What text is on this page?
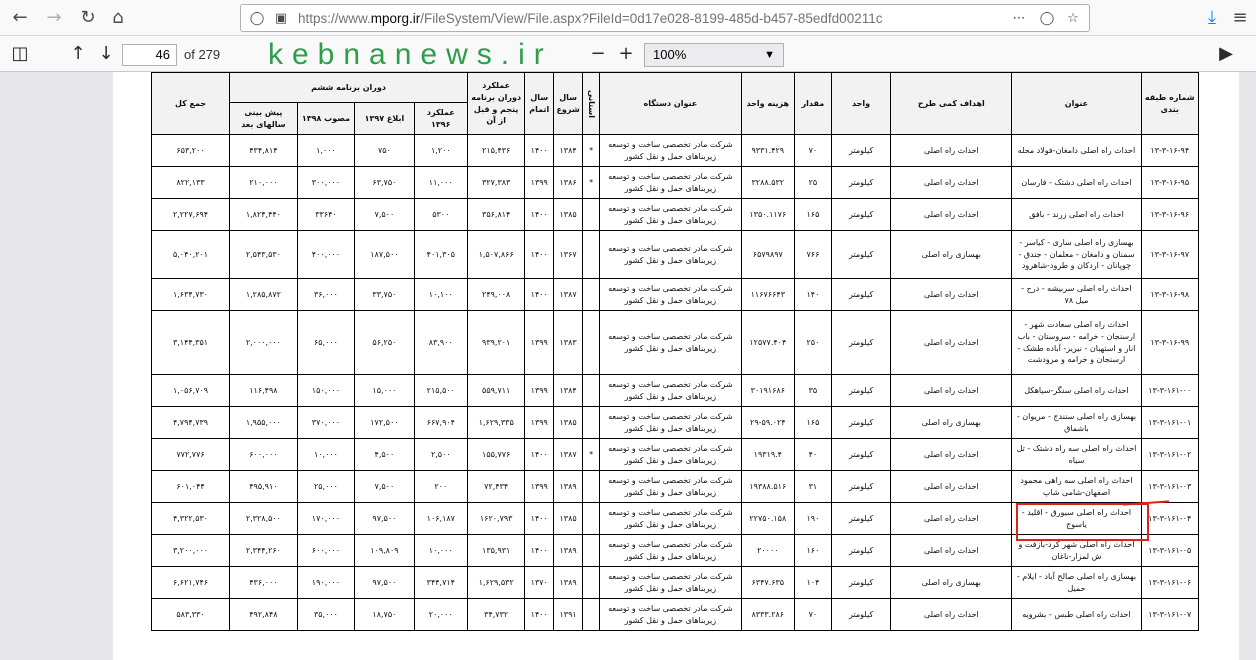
← → ↻ ⌂	◯ ▣ https://www.mporg.ir/FileSystem/View/File.aspx?FileId=0d17e028-8199-485d-b457-85edfd00211c	⋯ ◯ ☆	⤓ ≡
◫ ↑ ↓	46	of 279 kebnanews.ir − +	100%	▼	▶
شماره طبقه بندی	عنوان	اهداف کمی طرح	واحد	مقدار	هزینه واحد	عنوان دستگاه	استانی	سال شروع	سال اتمام	عملکرد دوران برنامه پنجم و قبل از آن	دوران برنامه ششم				جمع کل
											عملکرد ۱۳۹۶	ابلاغ ۱۳۹۷	مصوب ۱۳۹۸	پیش بینی سالهای بعد	
۱۳-۳-۱۶-۹۴	احداث راه اصلی دامغان-فولاد محله	احداث راه اصلی	کیلومتر	۷۰	۹۳۳۱.۴۲۹	شرکت مادر تخصصی ساخت و توسعه زیربناهای حمل و نقل کشور	*	۱۳۸۴	۱۴۰۰	۲۱۵,۴۳۶	۱,۲۰۰	۷۵۰	۱,۰۰۰	۴۳۴,۸۱۴	۶۵۳,۲۰۰
۱۳-۳-۱۶-۹۵	احداث راه اصلی دشتک - فارسان	احداث راه اصلی	کیلومتر	۲۵	۳۲۸۸.۵۳۲	شرکت مادر تخصصی ساخت و توسعه زیربناهای حمل و نقل کشور	*	۱۳۸۶	۱۳۹۹	۳۲۷,۳۸۳	۱۱,۰۰۰	۶۳,۷۵۰	۳۰۰,۰۰۰	۲۱۰,۰۰۰	۸۲۲,۱۳۳
۱۳-۳-۱۶-۹۶	احداث راه اصلی زرند - بافق	احداث راه اصلی	کیلومتر	۱۶۵	۱۳۵۰.۱۱۷۶	شرکت مادر تخصصی ساخت و توسعه زیربناهای حمل و نقل کشور		۱۳۸۵	۱۴۰۰	۳۵۶,۸۱۴	۵۳۰۰	۷,۵۰۰	۳۳۶۴۰	۱,۸۲۴,۴۴۰	۲,۲۲۷,۶۹۴
۱۳-۳-۱۶-۹۷	بهسازی راه اصلی ساری - کیاسر - سمنان و دامغان - معلمان - جندق - چوپانان - اردکان و طرود-شاهرود	بهسازی راه اصلی	کیلومتر	۷۶۶	۶۵۷۹۸۹۷	شرکت مادر تخصصی ساخت و توسعه زیربناهای حمل و نقل کشور		۱۳۶۷	۱۴۰۰	۱,۵۰۷,۸۶۶	۴۰۱,۳۰۵	۱۸۷,۵۰۰	۴۰۰,۰۰۰	۲,۵۴۳,۵۳۰	۵,۰۴۰,۲۰۱
۱۳-۳-۱۶-۹۸	احداث راه اصلی سربیشه - درح - میل ۷۸	احداث راه اصلی	کیلومتر	۱۴۰	۱۱۶۷۶۶۴۳	شرکت مادر تخصصی ساخت و توسعه زیربناهای حمل و نقل کشور		۱۳۸۷	۱۴۰۰	۲۴۹,۰۰۸	۱۰,۱۰۰	۳۳,۷۵۰	۳۶,۰۰۰	۱,۲۸۵,۸۷۲	۱,۶۳۴,۷۳۰
۱۳-۳-۱۶-۹۹	احداث راه اصلی سعادت شهر - ارسنجان - خرامه - سروستان - باب انار و استهبان - نیریز- آباده طشک - ارسنجان و خرامه و مرودشت	احداث راه اصلی	کیلومتر	۲۵۰	۱۲۵۷۷.۴۰۴	شرکت مادر تخصصی ساخت و توسعه زیربناهای حمل و نقل کشور		۱۳۸۳	۱۳۹۹	۹۳۹,۲۰۱	۸۳,۹۰۰	۵۶,۲۵۰	۶۵,۰۰۰	۲,۰۰۰,۰۰۰	۳,۱۴۴,۳۵۱
۱۳-۳-۱۶۱-۰۰	احداث راه اصلی سنگر-سیاهکل	احداث راه اصلی	کیلومتر	۳۵	۳۰۱۹۱۶۸۶	شرکت مادر تخصصی ساخت و توسعه زیربناهای حمل و نقل کشور		۱۳۸۴	۱۳۹۹	۵۵۹,۷۱۱	۲۱۵,۵۰۰	۱۵,۰۰۰	۱۵۰,۰۰۰	۱۱۶,۴۹۸	۱,۰۵۶,۷۰۹
۱۳-۳-۱۶۱-۰۱	بهسازی راه اصلی سنندج - مریوان - باشماق	بهسازی راه اصلی	کیلومتر	۱۶۵	۲۹-۵۹.۰۲۴	شرکت مادر تخصصی ساخت و توسعه زیربناهای حمل و نقل کشور		۱۳۸۵	۱۳۹۹	۱,۶۲۹,۳۳۵	۶۶۷,۹۰۴	۱۷۲,۵۰۰	۳۷۰,۰۰۰	۱,۹۵۵,۰۰۰	۴,۷۹۴,۷۳۹
۱۳-۳-۱۶۱-۰۲	احداث راه اصلی سه راه دشتک - تل سیاه	احداث راه اصلی	کیلومتر	۴۰	۱۹۳۱۹.۴	شرکت مادر تخصصی ساخت و توسعه زیربناهای حمل و نقل کشور	*	۱۳۸۷	۱۴۰۰	۱۵۵,۷۷۶	۲,۵۰۰	۴,۵۰۰	۱۰,۰۰۰	۶۰۰,۰۰۰	۷۷۲,۷۷۶
۱۳-۳-۱۶۱-۰۳	احداث راه اصلی سه راهی محمود اصفهان-شامی شاپ	احداث راه اصلی	کیلومتر	۳۱	۱۹۳۸۸.۵۱۶	شرکت مادر تخصصی ساخت و توسعه زیربناهای حمل و نقل کشور		۱۳۸۹	۱۳۹۹	۷۲,۴۳۴	۲۰۰	۷,۵۰۰	۲۵,۰۰۰	۴۹۵,۹۱۰	۶۰۱,۰۴۴
۱۳-۳-۱۶۱-۰۴	احداث راه اصلی سیورق - اقلید - یاسوج	احداث راه اصلی	کیلومتر	۱۹۰	۲۲۷۵۰.۱۵۸	شرکت مادر تخصصی ساخت و توسعه زیربناهای حمل و نقل کشور		۱۳۸۵	۱۴۰۰	۱۶۲۰,۷۹۳	۱۰۶,۱۸۷	۹۷,۵۰۰	۱۷۰,۰۰۰	۲,۳۲۸,۵۰۰	۴,۳۲۲,۵۳۰
۱۳-۳-۱۶۱-۰۵	احداث راه اصلی شهر کرد-بازفت و ش لمزار-ناغان	احداث راه اصلی	کیلومتر	۱۶۰	۲۰۰۰۰	شرکت مادر تخصصی ساخت و توسعه زیربناهای حمل و نقل کشور		۱۳۸۹	۱۴۰۰	۱۳۵,۹۳۱	۱۰,۰۰۰	۱۰۹,۸۰۹	۶۰۰,۰۰۰	۲,۳۴۴,۲۶۰	۳,۲۰۰,۰۰۰
۱۳-۳-۱۶۱-۰۶	بهسازی راه اصلی صالح آباد - ایلام - حمیل	بهسازی راه اصلی	کیلومتر	۱۰۴	۶۳۴۷.۶۳۵	شرکت مادر تخصصی ساخت و توسعه زیربناهای حمل و نقل کشور		۱۳۸۹	۱۳۷۰	۱,۶۲۹,۵۳۲	۳۴۴,۷۱۴	۹۷,۵۰۰	۱۹۰,۰۰۰	۴۳۶,۰۰۰	۶,۶۲۱,۷۴۶
۱۳-۳-۱۶۱-۰۷	احداث راه اصلی طبس - بشرویه	احداث راه اصلی	کیلومتر	۷۰	۸۳۳۳.۲۸۶	شرکت مادر تخصصی ساخت و توسعه زیربناهای حمل و نقل کشور		۱۳۹۱	۱۴۰۰	۳۴,۷۳۲	۲۰,۰۰۰	۱۸,۷۵۰	۳۵,۰۰۰	۴۹۲,۸۴۸	۵۸۳,۳۳۰
